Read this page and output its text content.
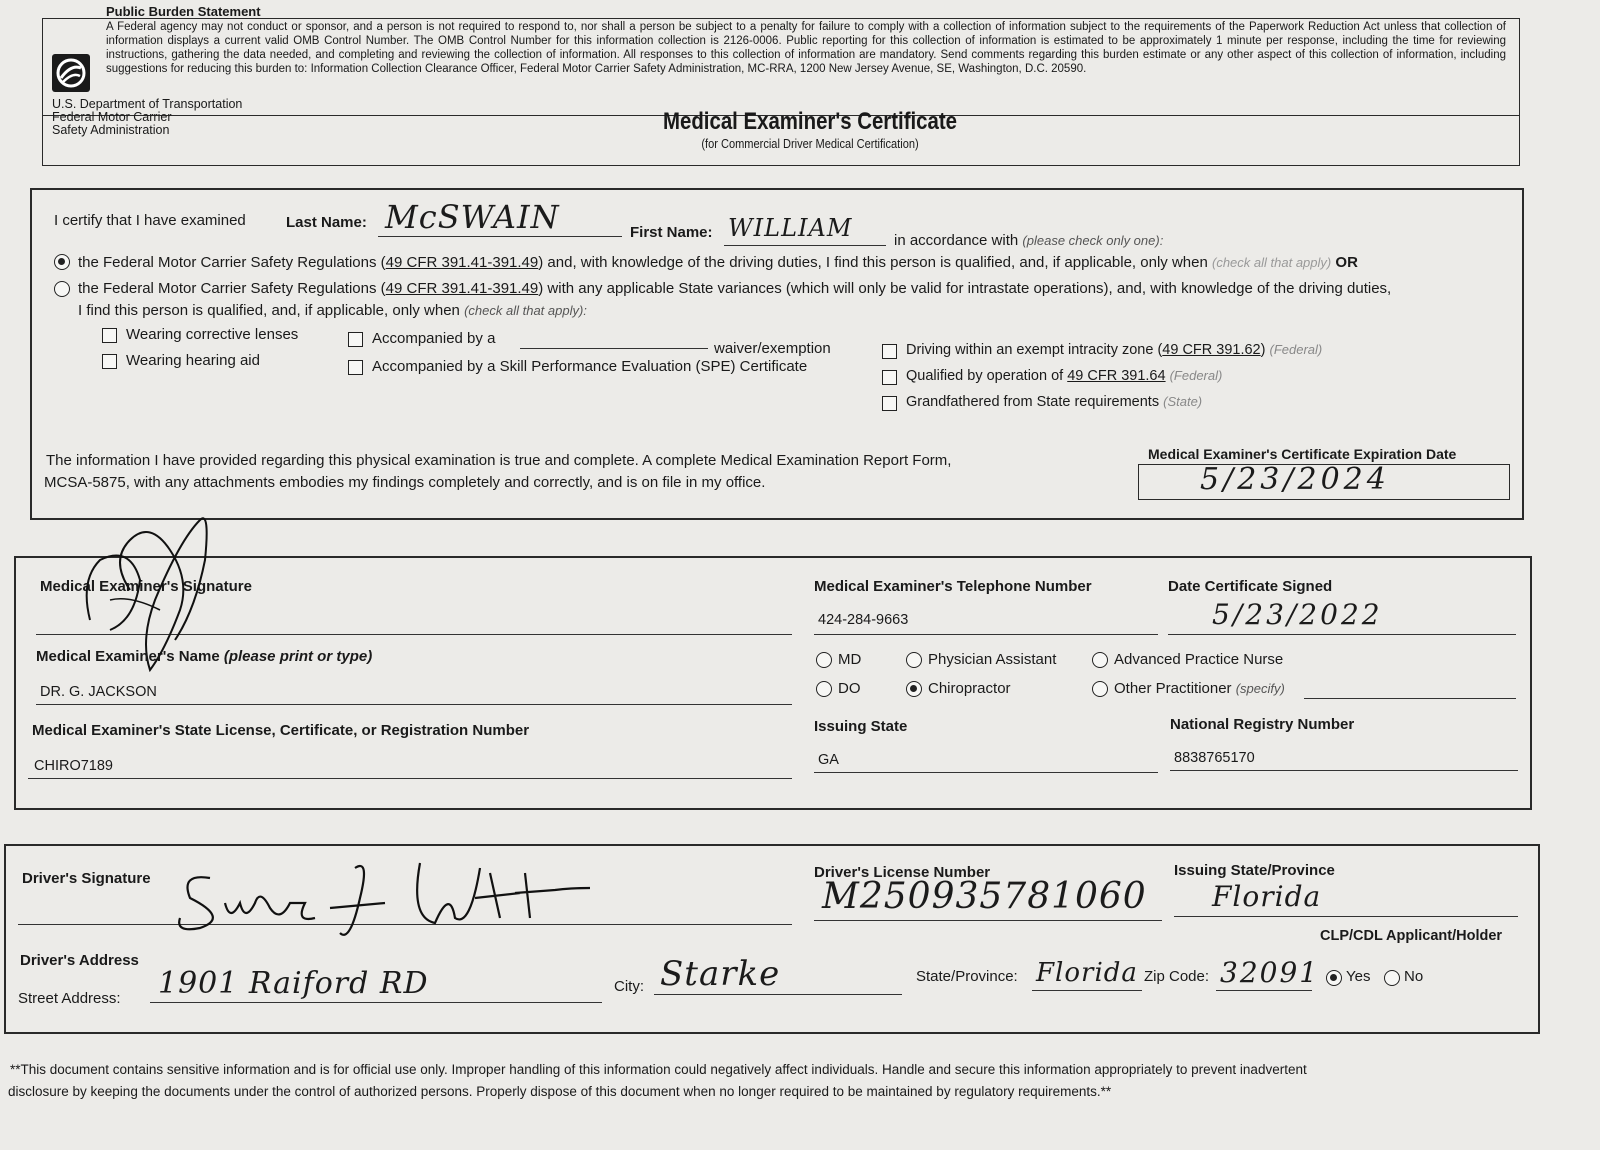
Public Burden Statement
A Federal agency may not conduct or sponsor, and a person is not required to respond to, nor shall a person be subject to a penalty for failure to comply with a collection of information subject to the requirements of the Paperwork Reduction Act unless that collection of information displays a current valid OMB Control Number. The OMB Control Number for this information collection is 2126-0006. Public reporting for this collection of information is estimated to be approximately 1 minute per response, including the time for reviewing instructions, gathering the data needed, and completing and reviewing the collection of information. All responses to this collection of information are mandatory. Send comments regarding this burden estimate or any other aspect of this collection of information, including suggestions for reducing this burden to: Information Collection Clearance Officer, Federal Motor Carrier Safety Administration, MC-RRA, 1200 New Jersey Avenue, SE, Washington, D.C. 20590.
U.S. Department of Transportation
Federal Motor Carrier
Safety Administration	Medical Examiner's Certificate
(for Commercial Driver Medical Certification)
I certify that I have examined	Last Name: McSWAIN	First Name: WILLIAM	in accordance with (please check only one):
the Federal Motor Carrier Safety Regulations (49 CFR 391.41-391.49) and, with knowledge of the driving duties, I find this person is qualified, and, if applicable, only when (check all that apply) OR
the Federal Motor Carrier Safety Regulations (49 CFR 391.41-391.49) with any applicable State variances (which will only be valid for intrastate operations), and, with knowledge of the driving duties,
I find this person is qualified, and, if applicable, only when (check all that apply):
Wearing corrective lenses
Wearing hearing aid
Accompanied by a
waiver/exemption
Accompanied by a Skill Performance Evaluation (SPE) Certificate
Driving within an exempt intracity zone (49 CFR 391.62) (Federal)
Qualified by operation of 49 CFR 391.64 (Federal)
Grandfathered from State requirements (State)
The information I have provided regarding this physical examination is true and complete. A complete Medical Examination Report Form,
MCSA-5875, with any attachments embodies my findings completely and correctly, and is on file in my office.
Medical Examiner's Certificate Expiration Date
5/23/2024
Medical Examiner's Signature	Medical Examiner's Telephone Number
424-284-9663
Date Certificate Signed
5/23/2022
Medical Examiner's Name (please print or type)
DR. G. JACKSON
MD
DO
Physician Assistant
Chiropractor
Advanced Practice Nurse
Other Practitioner (specify)
Medical Examiner's State License, Certificate, or Registration Number
CHIRO7189
Issuing State
GA
National Registry Number
8838765170
Driver's Signature	Driver's License Number
M250935781060
Issuing State/Province
Florida
CLP/CDL Applicant/Holder
Driver's Address
Street Address: 1901 Raiford RD	City: Starke	State/Province: Florida Zip Code: 32091 Yes No
**This document contains sensitive information and is for official use only. Improper handling of this information could negatively affect individuals. Handle and secure this information appropriately to prevent inadvertent
disclosure by keeping the documents under the control of authorized persons. Properly dispose of this document when no longer required to be maintained by regulatory requirements.**
